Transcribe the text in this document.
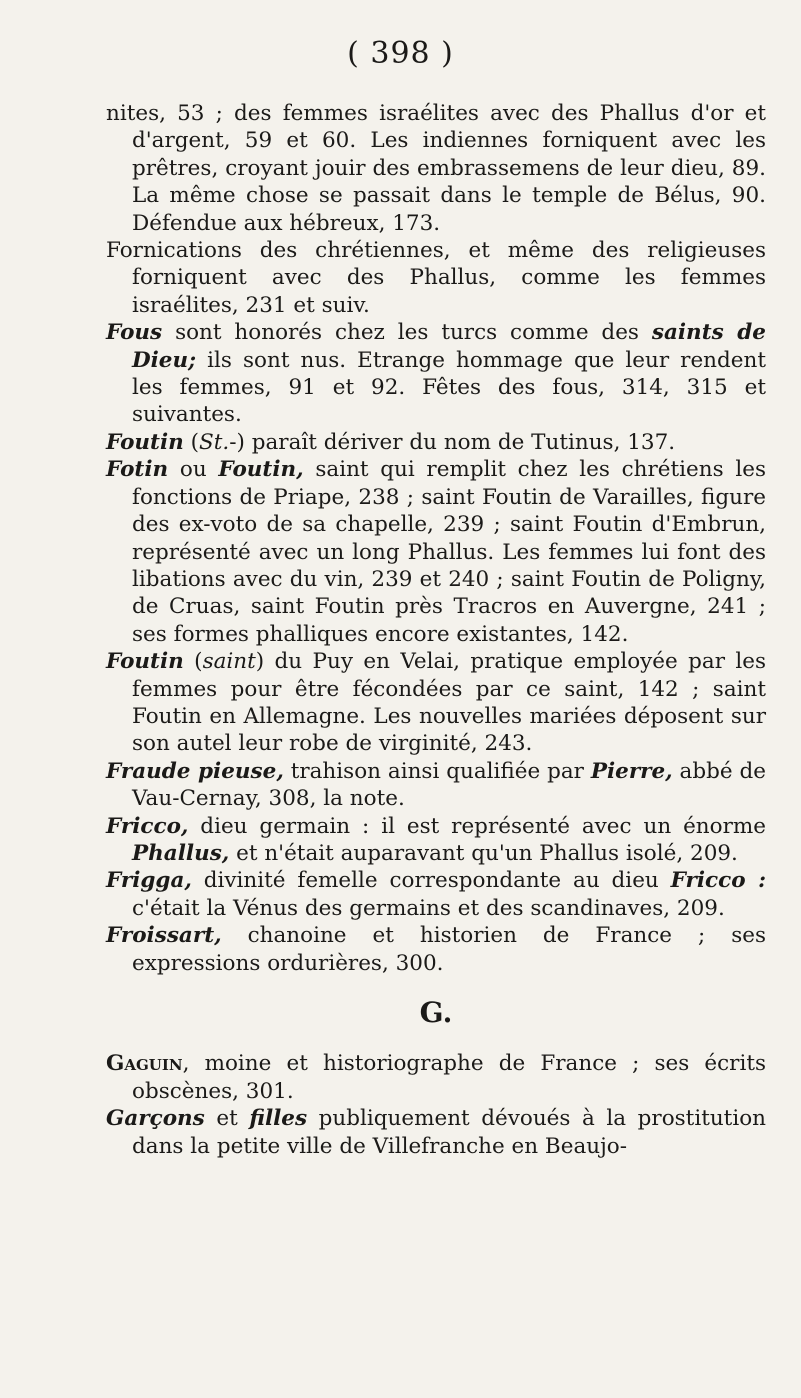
( 398 )

nites, 53 ; des femmes israélites avec des Phallus d'or et d'argent, 59 et 60. Les indiennes forniquent avec les prêtres, croyant jouir des embrassemens de leur dieu, 89. La même chose se passait dans le temple de Bélus, 90. Défendue aux hébreux, 173.

Fornications des chrétiennes, et même des religieuses forniquent avec des Phallus, comme les femmes israélites, 231 et suiv.

Fous sont honorés chez les turcs comme des saints de Dieu; ils sont nus. Etrange hommage que leur rendent les femmes, 91 et 92. Fêtes des fous, 314, 315 et suivantes.

Foutin (St.-) paraît dériver du nom de Tutinus, 137.

Fotin ou Foutin, saint qui remplit chez les chrétiens les fonctions de Priape, 238 ; saint Foutin de Varailles, figure des ex-voto de sa chapelle, 239 ; saint Foutin d'Embrun, représenté avec un long Phallus. Les femmes lui font des libations avec du vin, 239 et 240 ; saint Foutin de Poligny, de Cruas, saint Foutin près Tracros en Auvergne, 241 ; ses formes phalliques encore existantes, 142.

Foutin (saint) du Puy en Velai, pratique employée par les femmes pour être fécondées par ce saint, 142 ; saint Foutin en Allemagne. Les nouvelles mariées déposent sur son autel leur robe de virginité, 243.

Fraude pieuse, trahison ainsi qualifiée par Pierre, abbé de Vau-Cernay, 308, la note.

Fricco, dieu germain : il est représenté avec un énorme Phallus, et n'était auparavant qu'un Phallus isolé, 209.

Frigga, divinité femelle correspondante au dieu Fricco : c'était la Vénus des germains et des scandinaves, 209.

Froissart, chanoine et historien de France ; ses expressions ordurières, 300.

G.

Gaguin, moine et historiographe de France ; ses écrits obscènes, 301.

Garçons et filles publiquement dévoués à la prostitution dans la petite ville de Villefranche en Beaujo-
